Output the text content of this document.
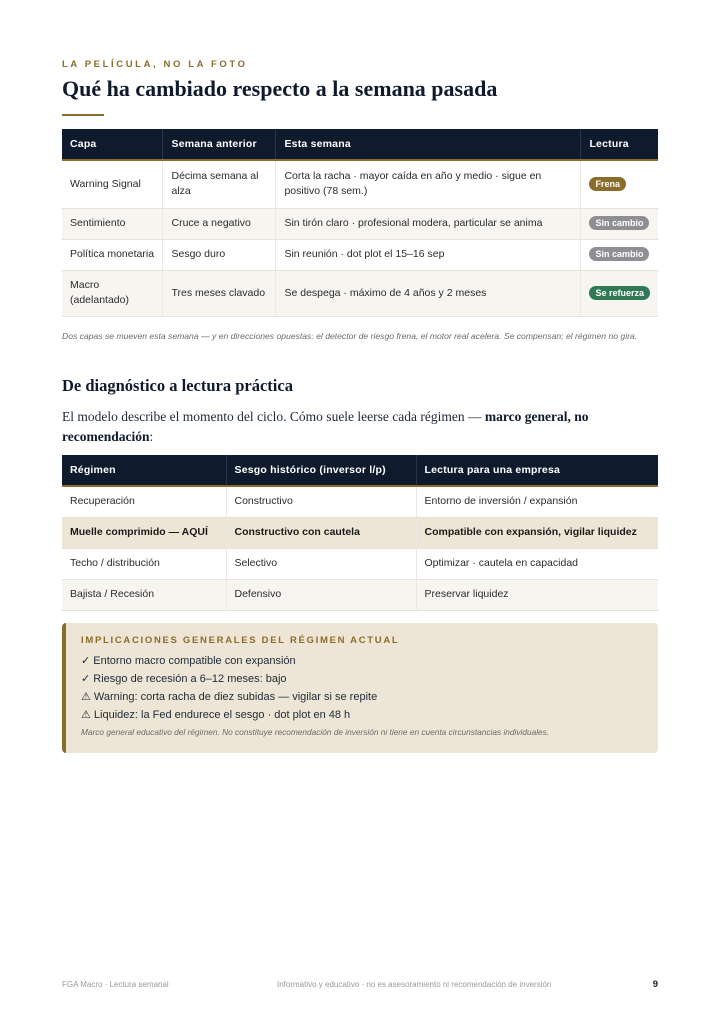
LA PELÍCULA, NO LA FOTO
Qué ha cambiado respecto a la semana pasada
Capa	Semana anterior	Esta semana	Lectura
Warning Signal	Décima semana al alza	Corta la racha · mayor caída en año y medio · sigue en positivo (78 sem.)	Frena
Sentimiento	Cruce a negativo	Sin tirón claro · profesional modera, particular se anima	Sin cambio
Política monetaria	Sesgo duro	Sin reunión · dot plot el 15–16 sep	Sin cambio
Macro (adelantado)	Tres meses clavado	Se despega · máximo de 4 años y 2 meses	Se refuerza

Dos capas se mueven esta semana — y en direcciones opuestas: el detector de riesgo frena, el motor real acelera. Se compensan; el régimen no gira.

De diagnóstico a lectura práctica

El modelo describe el momento del ciclo. Cómo suele leerse cada régimen — marco general, no recomendación:

Régimen	Sesgo histórico (inversor l/p)	Lectura para una empresa
Recuperación	Constructivo	Entorno de inversión / expansión
Muelle comprimido — AQUÍ	Constructivo con cautela	Compatible con expansión, vigilar liquidez
Techo / distribución	Selectivo	Optimizar · cautela en capacidad
Bajista / Recesión	Defensivo	Preservar liquidez
IMPLICACIONES GENERALES DEL RÉGIMEN ACTUAL
✓ Entorno macro compatible con expansión
✓ Riesgo de recesión a 6–12 meses: bajo
⚠ Warning: corta racha de diez subidas — vigilar si se repite
⚠ Liquidez: la Fed endurece el sesgo · dot plot en 48 h
Marco general educativo del régimen. No constituye recomendación de inversión ni tiene en cuenta circunstancias individuales.
FGA Macro · Lectura semanal	Informativo y educativo · no es asesoramiento ni recomendación de inversión	9
